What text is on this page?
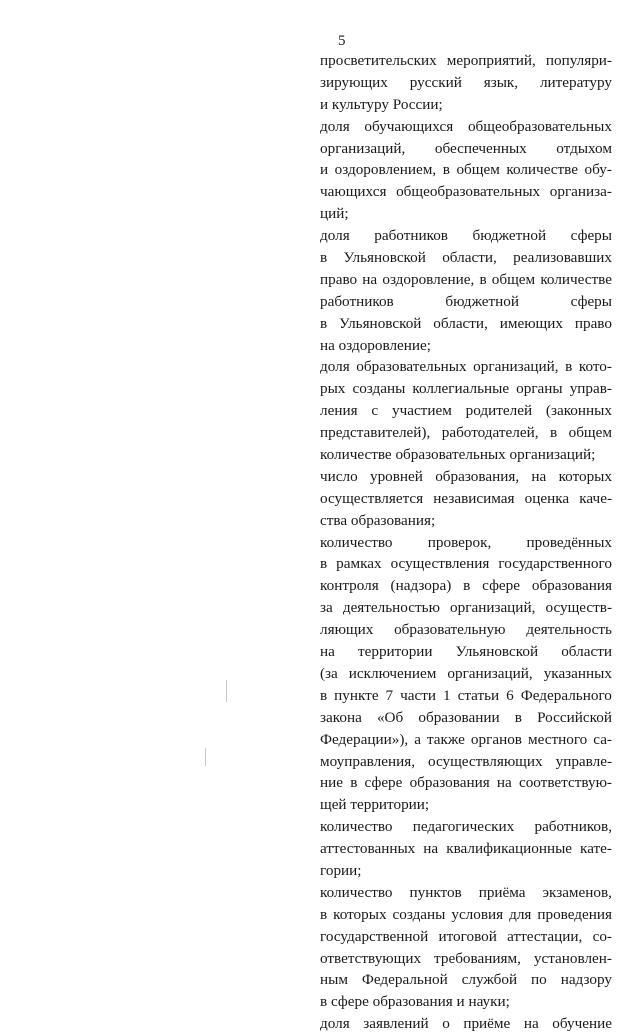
5
просветительских мероприятий, популяри-
зирующих русский язык, литературу
и культуру России;
доля обучающихся общеобразовательных
организаций, обеспеченных отдыхом
и оздоровлением, в общем количестве обу-
чающихся общеобразовательных организа-
ций;
доля работников бюджетной сферы
в Ульяновской области, реализовавших
право на оздоровление, в общем количестве
работников	бюджетной	сферы
в Ульяновской области, имеющих право
на оздоровление;
доля образовательных организаций, в кото-
рых созданы коллегиальные органы управ-
ления с участием родителей (законных
представителей), работодателей, в общем
количестве образовательных организаций;
число уровней образования, на которых
осуществляется независимая оценка каче-
ства образования;
количество проверок, проведённых
в рамках осуществления государственного
контроля (надзора) в сфере образования
за деятельностью организаций, осуществ-
ляющих образовательную деятельность
на территории Ульяновской области
(за исключением организаций, указанных
в пункте 7 части 1 статьи 6 Федерального
закона «Об образовании в Российской
Федерации»), а также органов местного са-
моуправления, осуществляющих управле-
ние в сфере образования на соответствую-
щей территории;
количество педагогических работников,
аттестованных на квалификационные кате-
гории;
количество пунктов приёма экзаменов,
в которых созданы условия для проведения
государственной итоговой аттестации, со-
ответствующих требованиям, установлен-
ным Федеральной службой по надзору
в сфере образования и науки;
доля заявлений о приёме на обучение
